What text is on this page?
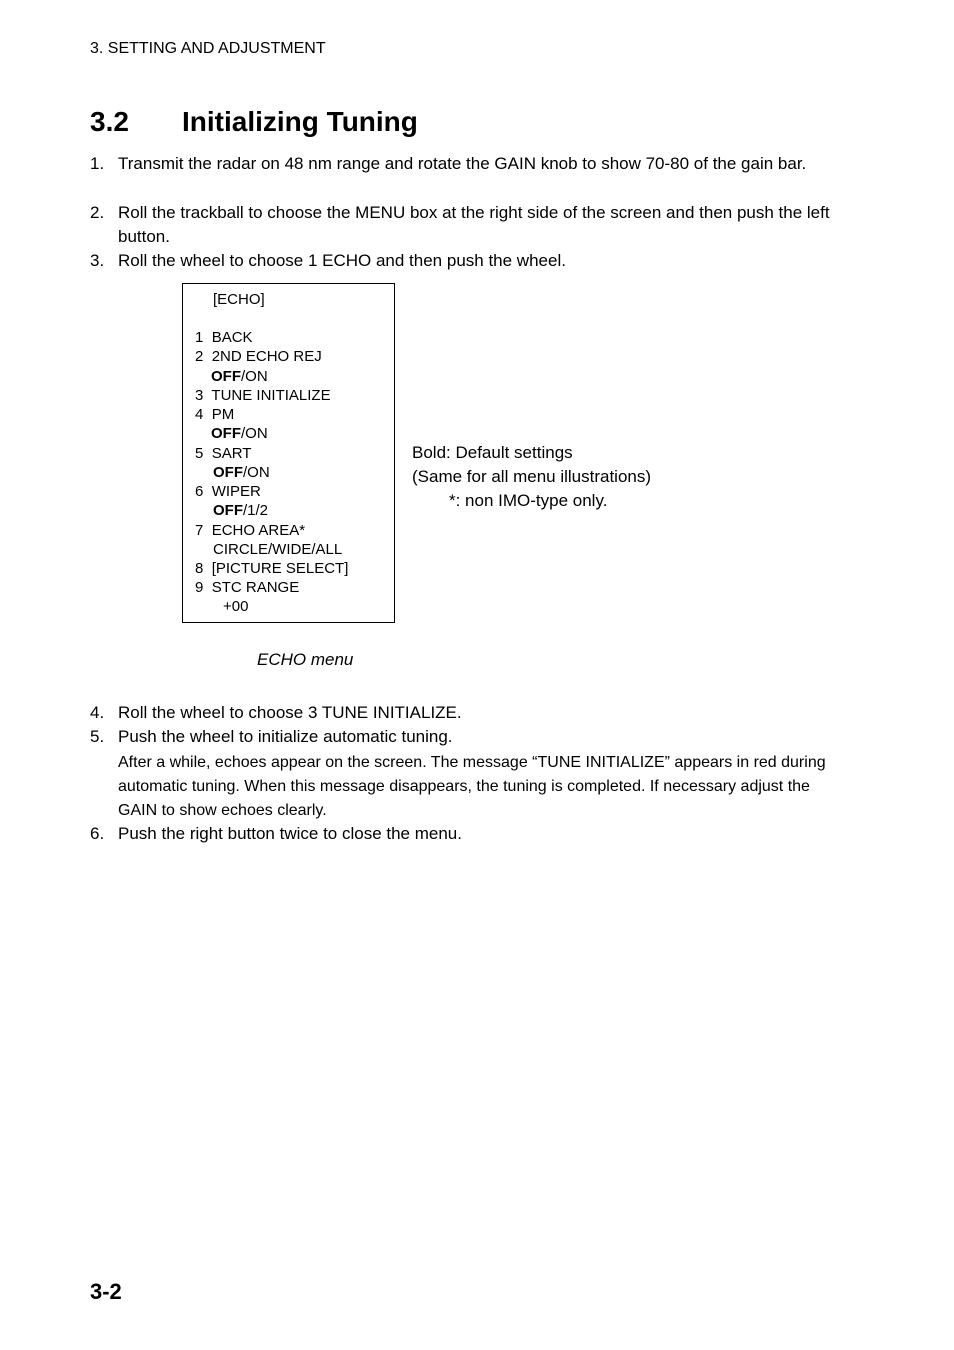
3. SETTING AND ADJUSTMENT
3.2	Initializing Tuning
1. Transmit the radar on 48 nm range and rotate the GAIN knob to show 70-80 of the gain bar.
2. Roll the trackball to choose the MENU box at the right side of the screen and then push the left button.
3. Roll the wheel to choose 1 ECHO and then push the wheel.
[ECHO]
1 BACK
2 2ND ECHO REJ
OFF/ON
3 TUNE INITIALIZE
4 PM
OFF/ON
5 SART
OFF/ON
6 WIPER
OFF/1/2
7 ECHO AREA*
CIRCLE/WIDE/ALL
8 [PICTURE SELECT]
9 STC RANGE
+00
Bold: Default settings
(Same for all menu illustrations)
*: non IMO-type only.
ECHO menu
4. Roll the wheel to choose 3 TUNE INITIALIZE.
5. Push the wheel to initialize automatic tuning.
After a while, echoes appear on the screen. The message “TUNE INITIALIZE” appears in red during automatic tuning. When this message disappears, the tuning is completed. If necessary adjust the GAIN to show echoes clearly.
6. Push the right button twice to close the menu.
3-2
